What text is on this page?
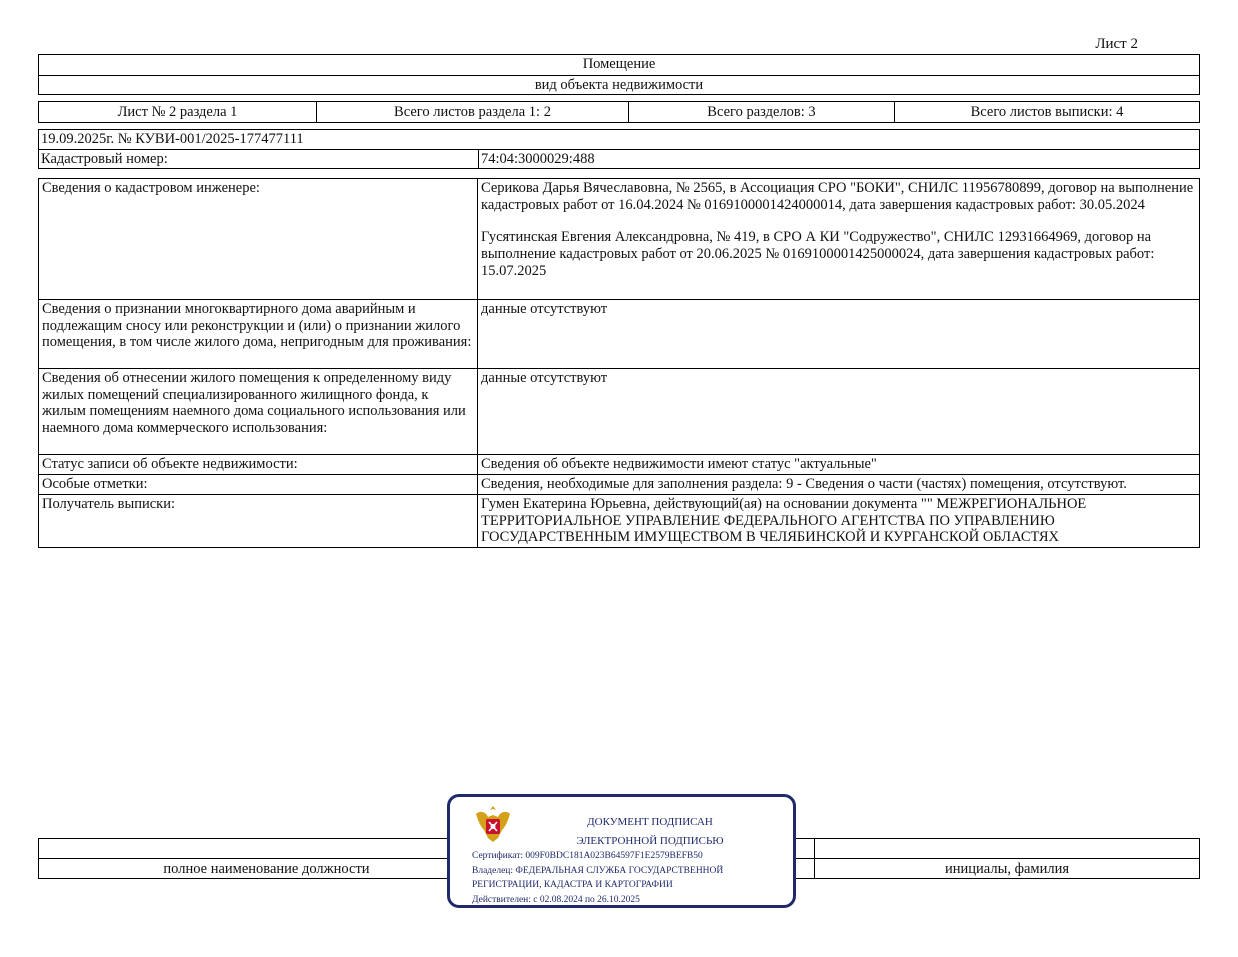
Лист 2
Помещение
вид объекта недвижимости
Лист № 2 раздела 1	Всего листов раздела 1: 2	Всего разделов: 3	Всего листов выписки: 4
19.09.2025г. № КУВИ-001/2025-177477111
Кадастровый номер:	74:04:3000029:488
Сведения о кадастровом инженере:	Серикова Дарья Вячеславовна, № 2565, в Ассоциация СРО "БОКИ", СНИЛС 11956780899, договор на выполнение кадастровых работ от 16.04.2024 № 0169100001424000014, дата завершения кадастровых работ: 30.05.2024
Гусятинская Евгения Александровна, № 419, в СРО А КИ "Содружество", СНИЛС 12931664969, договор на выполнение кадастровых работ от 20.06.2025 № 0169100001425000024, дата завершения кадастровых работ: 15.07.2025

Сведения о признании многоквартирного дома аварийным и подлежащим сносу или реконструкции и (или) о признании жилого помещения, в том числе жилого дома, непригодным для проживания:	данные отсутствуют
Сведения об отнесении жилого помещения к определенному виду жилых помещений специализированного жилищного фонда, к жилым помещениям наемного дома социального использования или наемного дома коммерческого использования:	данные отсутствуют
Статус записи об объекте недвижимости:	Сведения об объекте недвижимости имеют статус "актуальные"
Особые отметки:	Сведения, необходимые для заполнения раздела: 9 - Сведения о части (частях) помещения, отсутствуют.
Получатель выписки:	Гумен Екатерина Юрьевна, действующий(ая) на основании документа "" МЕЖРЕГИОНАЛЬНОЕ ТЕРРИТОРИАЛЬНОЕ УПРАВЛЕНИЕ ФЕДЕРАЛЬНОГО АГЕНТСТВА ПО УПРАВЛЕНИЮ ГОСУДАРСТВЕННЫМ ИМУЩЕСТВОМ В ЧЕЛЯБИНСКОЙ И КУРГАНСКОЙ ОБЛАСТЯХ
полное наименование должности	инициалы, фамилия
ДОКУМЕНТ ПОДПИСАН
ЭЛЕКТРОННОЙ ПОДПИСЬЮ
Сертификат: 009F0BDC181A023B64597F1E2579BEFB50
Владелец: ФЕДЕРАЛЬНАЯ СЛУЖБА ГОСУДАРСТВЕННОЙ
РЕГИСТРАЦИИ, КАДАСТРА И КАРТОГРАФИИ
Действителен: с 02.08.2024 по 26.10.2025
